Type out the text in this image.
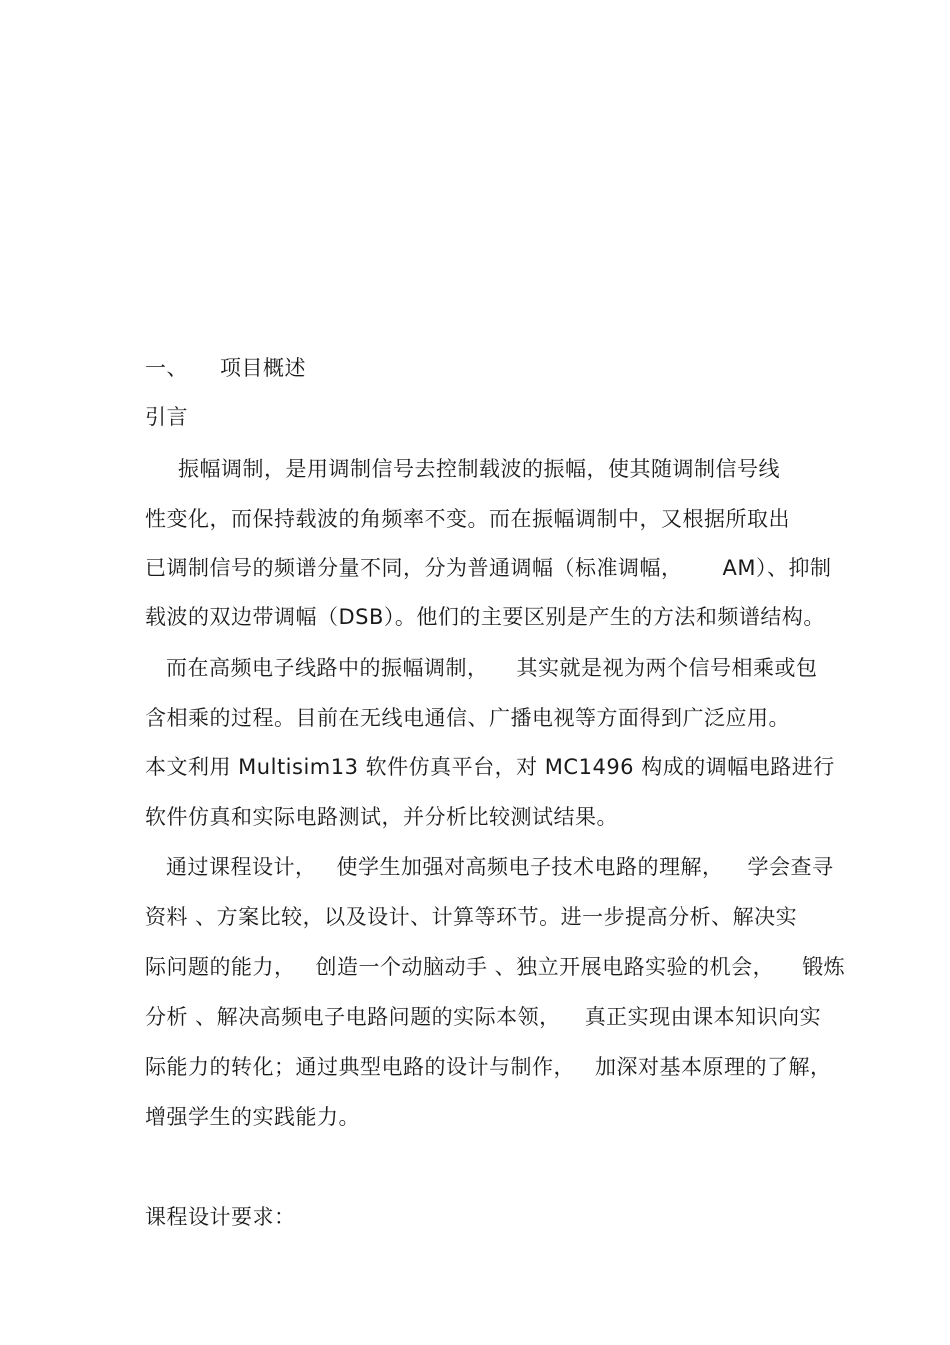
一、 项目概述
引言
振幅调制，是用调制信号去控制载波的振幅，使其随调制信号线
性变化，而保持载波的角频率不变。而在振幅调制中，又根据所取出
已调制信号的频谱分量不同，分为普通调幅（标准调幅， AM）、抑制
载波的双边带调幅（DSB）。他们的主要区别是产生的方法和频谱结构。
而在高频电子线路中的振幅调制， 其实就是视为两个信号相乘或包
含相乘的过程。目前在无线电通信、广播电视等方面得到广泛应用。
本文利用 Multisim13 软件仿真平台，对 MC1496 构成的调幅电路进行
软件仿真和实际电路测试，并分析比较测试结果。
通过课程设计， 使学生加强对高频电子技术电路的理解， 学会查寻
资料 、方案比较，以及设计、计算等环节。进一步提高分析、解决实
际问题的能力， 创造一个动脑动手 、独立开展电路实验的机会， 锻炼
分析 、解决高频电子电路问题的实际本领， 真正实现由课本知识向实
际能力的转化；通过典型电路的设计与制作， 加深对基本原理的了解，
增强学生的实践能力。
课程设计要求：
